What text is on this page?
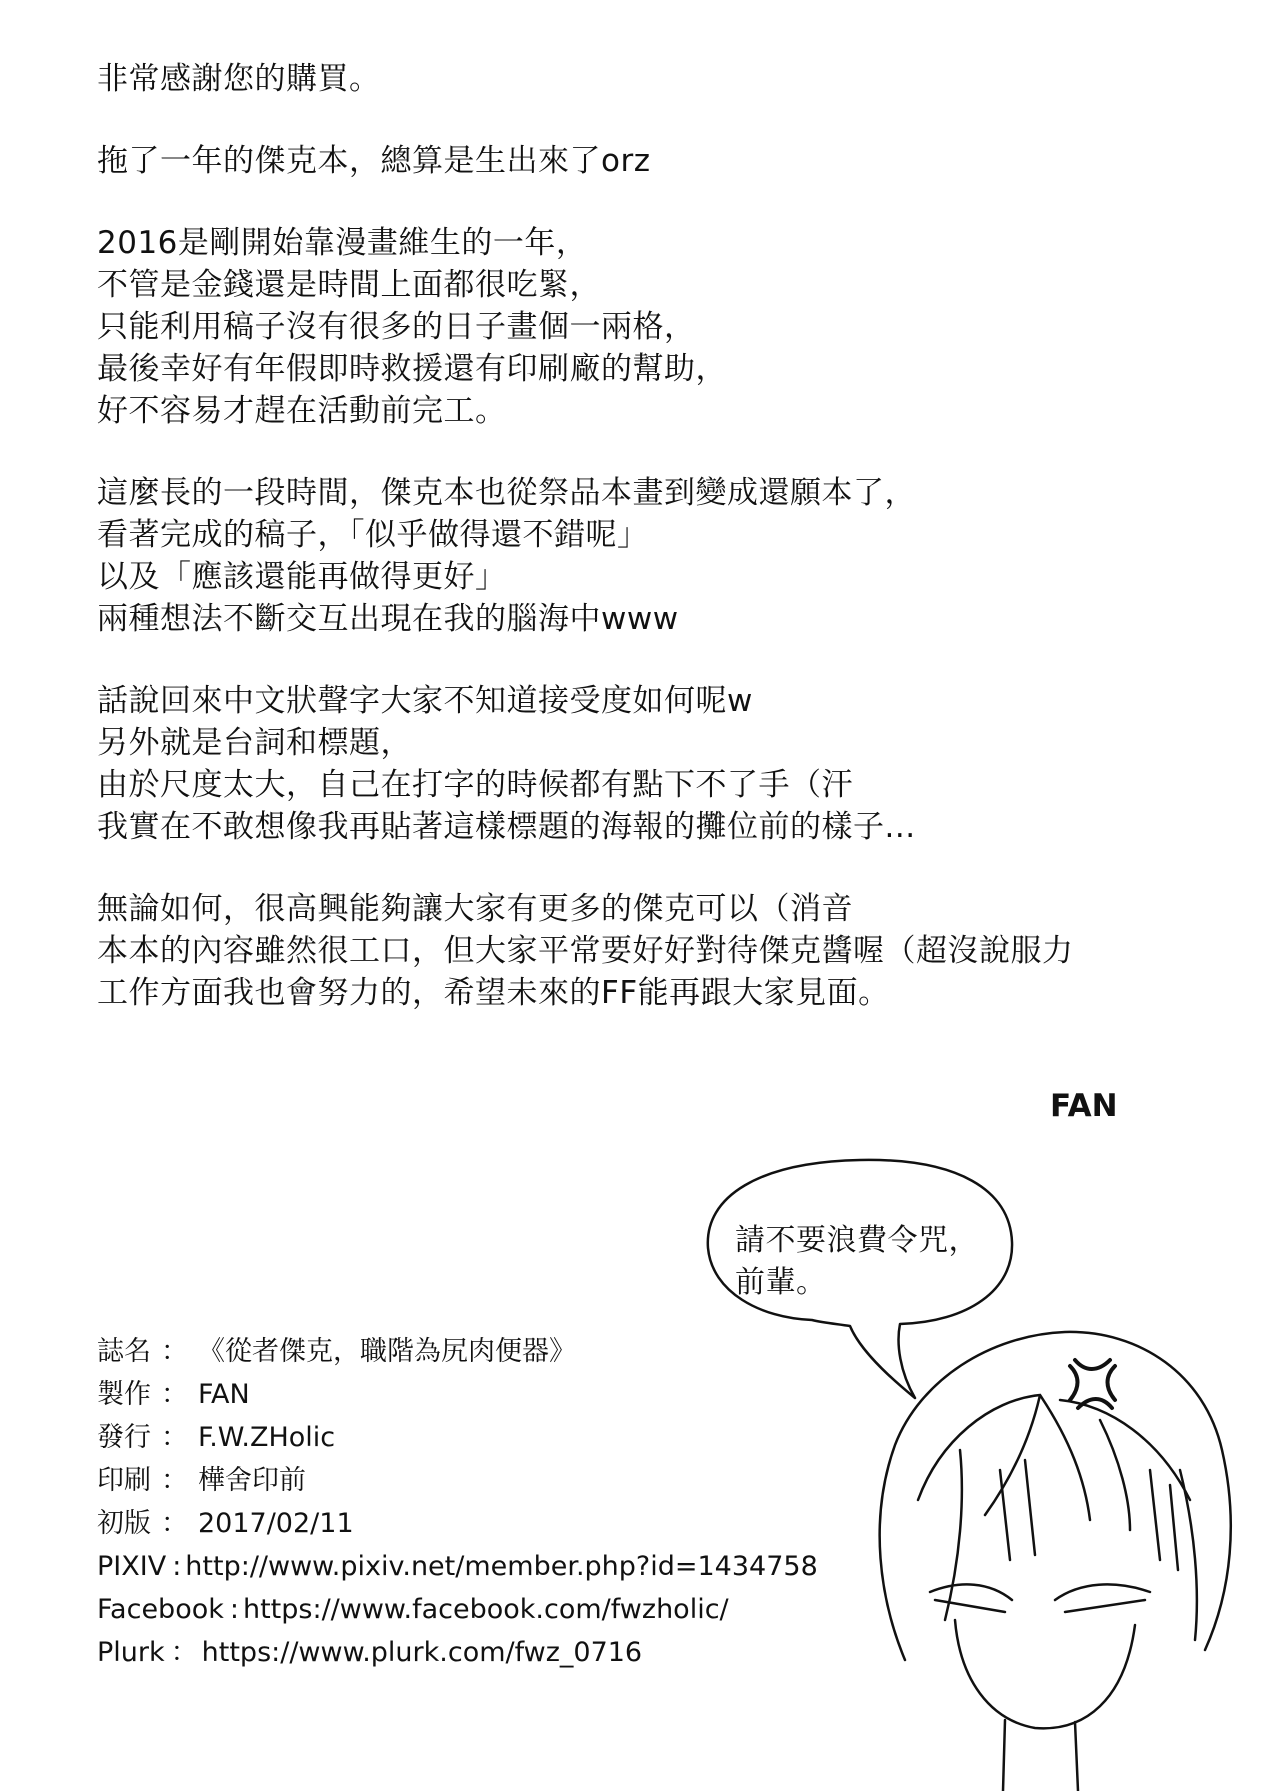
非常感謝您的購買。
拖了一年的傑克本，總算是生出來了orz
2016是剛開始靠漫畫維生的一年，
不管是金錢還是時間上面都很吃緊，
只能利用稿子沒有很多的日子畫個一兩格，
最後幸好有年假即時救援還有印刷廠的幫助，
好不容易才趕在活動前完工。
這麼長的一段時間，傑克本也從祭品本畫到變成還願本了，
看著完成的稿子，「似乎做得還不錯呢」
以及「應該還能再做得更好」
兩種想法不斷交互出現在我的腦海中www
話說回來中文狀聲字大家不知道接受度如何呢w
另外就是台詞和標題，
由於尺度太大，自己在打字的時候都有點下不了手（汗
我實在不敢想像我再貼著這樣標題的海報的攤位前的樣子...
無論如何，很高興能夠讓大家有更多的傑克可以（消音
本本的內容雖然很工口，但大家平常要好好對待傑克醬喔（超沒說服力
工作方面我也會努力的，希望未來的FF能再跟大家見面。
FAN
請不要浪費令咒，
前輩。
誌名 ： 《從者傑克，職階為尻肉便器》
製作 ： FAN
發行 ： F.W.ZHolic
印刷 ： 樺舍印前
初版 ： 2017/02/11
PIXIV : http://www.pixiv.net/member.php?id=1434758
Facebook : https://www.facebook.com/fwzholic/
Plurk ： https://www.plurk.com/fwz_0716
